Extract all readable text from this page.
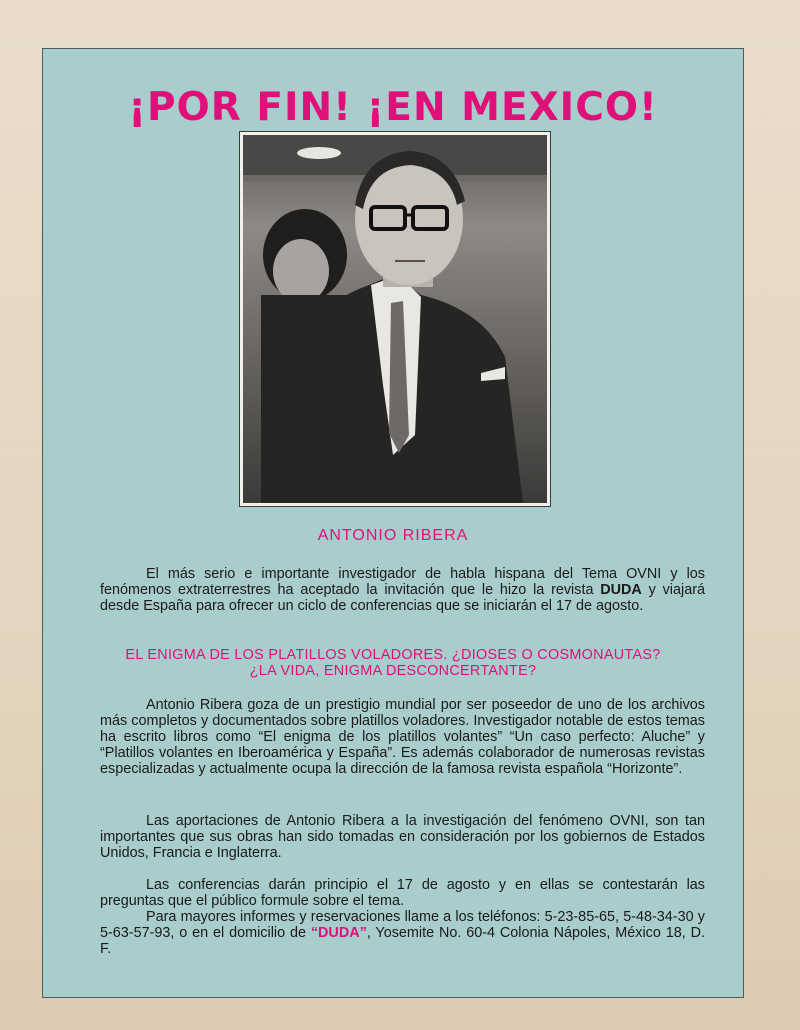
¡POR FIN! ¡EN MEXICO!
ANTONIO RIBERA

El más serio e importante investigador de habla hispana del Tema OVNI y los fenómenos extraterrestres ha aceptado la invitación que le hizo la revista DUDA y viajará desde España para ofrecer un ciclo de conferencias que se iniciarán el 17 de agosto.

EL ENIGMA DE LOS PLATILLOS VOLADORES. ¿DIOSES O COSMONAUTAS?
¿LA VIDA, ENIGMA DESCONCERTANTE?

Antonio Ribera goza de un prestigio mundial por ser poseedor de uno de los archivos más completos y documentados sobre platillos voladores. Investigador notable de estos temas ha escrito libros como “El enigma de los platillos volantes” “Un caso perfecto: Aluche” y “Platillos volantes en Iberoamérica y España”. Es además colaborador de numerosas revistas especializadas y actualmente ocupa la dirección de la famosa revista española “Horizonte”.

Las aportaciones de Antonio Ribera a la investigación del fenómeno OVNI, son tan importantes que sus obras han sido tomadas en consideración por los gobiernos de Estados Unidos, Francia e Inglaterra.

Las conferencias darán principio el 17 de agosto y en ellas se contestarán las preguntas que el público formule sobre el tema.

Para mayores informes y reservaciones llame a los teléfonos: 5-23-85-65, 5-48-34-30 y 5-63-57-93, o en el domicilio de “DUDA”, Yosemite No. 60-4 Colonia Nápoles, México 18, D. F.
